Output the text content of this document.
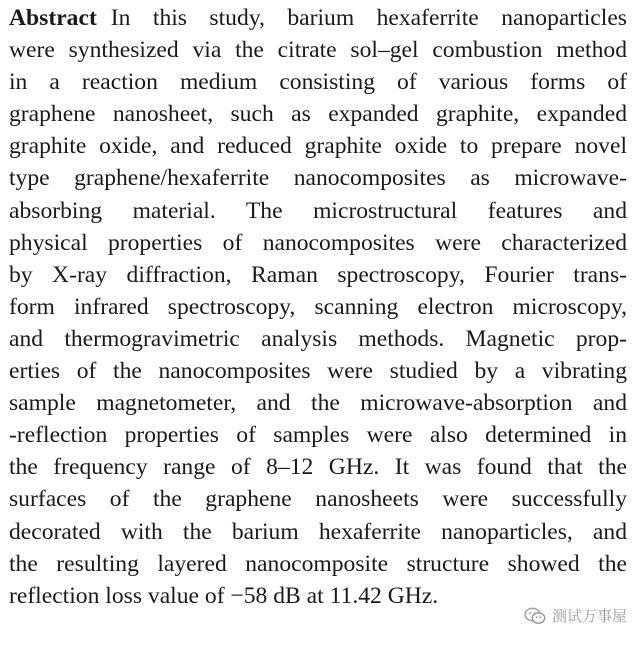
Abstract In this study, barium hexaferrite nanoparticles
were synthesized via the citrate sol–gel combustion method
in a reaction medium consisting of various forms of
graphene nanosheet, such as expanded graphite, expanded
graphite oxide, and reduced graphite oxide to prepare novel
type graphene/hexaferrite nanocomposites as microwave-
absorbing material. The microstructural features and
physical properties of nanocomposites were characterized
by X-ray diffraction, Raman spectroscopy, Fourier trans-
form infrared spectroscopy, scanning electron microscopy,
and thermogravimetric analysis methods. Magnetic prop-
erties of the nanocomposites were studied by a vibrating
sample magnetometer, and the microwave-absorption and
-reflection properties of samples were also determined in
the frequency range of 8–12 GHz. It was found that the
surfaces of the graphene nanosheets were successfully
decorated with the barium hexaferrite nanoparticles, and
the resulting layered nanocomposite structure showed the
reflection loss value of −58 dB at 11.42 GHz.
测试万事屋
